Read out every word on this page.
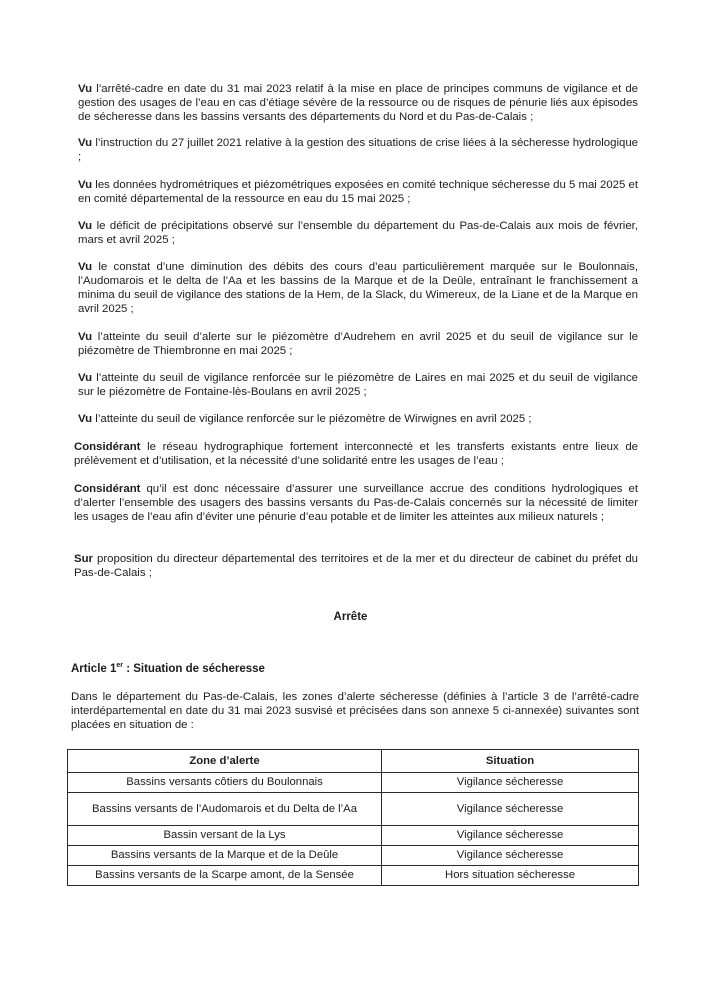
Vu l’arrêté-cadre en date du 31 mai 2023 relatif à la mise en place de principes communs de vigilance et de gestion des usages de l’eau en cas d’étiage sévère de la ressource ou de risques de pénurie liés aux épisodes de sécheresse dans les bassins versants des départements du Nord et du Pas-de-Calais ;

Vu l’instruction du 27 juillet 2021 relative à la gestion des situations de crise liées à la sécheresse hydrologique ;

Vu les données hydrométriques et piézométriques exposées en comité technique sécheresse du 5 mai 2025 et en comité départemental de la ressource en eau du 15 mai 2025 ;

Vu le déficit de précipitations observé sur l’ensemble du département du Pas-de-Calais aux mois de février, mars et avril 2025 ;

Vu le constat d’une diminution des débits des cours d’eau particulièrement marquée sur le Boulonnais, l’Audomarois et le delta de l’Aa et les bassins de la Marque et de la Deûle, entraînant le franchissement a minima du seuil de vigilance des stations de la Hem, de la Slack, du Wimereux, de la Liane et de la Marque en avril 2025 ;

Vu l’atteinte du seuil d’alerte sur le piézomètre d’Audrehem en avril 2025 et du seuil de vigilance sur le piézomètre de Thiembronne en mai 2025 ;

Vu l’atteinte du seuil de vigilance renforcée sur le piézomètre de Laires en mai 2025 et du seuil de vigilance sur le piézomètre de Fontaine-lès-Boulans en avril 2025 ;

Vu l’atteinte du seuil de vigilance renforcée sur le piézomètre de Wirwignes en avril 2025 ;

Considérant le réseau hydrographique fortement interconnecté et les transferts existants entre lieux de prélèvement et d’utilisation, et la nécessité d’une solidarité entre les usages de l’eau ;

Considérant qu’il est donc nécessaire d’assurer une surveillance accrue des conditions hydrologiques et d’alerter l’ensemble des usagers des bassins versants du Pas-de-Calais concernés sur la nécessité de limiter les usages de l’eau afin d’éviter une pénurie d’eau potable et de limiter les atteintes aux milieux naturels ;

Sur proposition du directeur départemental des territoires et de la mer et du directeur de cabinet du préfet du Pas-de-Calais ;

Arrête
Article 1er : Situation de sécheresse

Dans le département du Pas-de-Calais, les zones d’alerte sécheresse (définies à l’article 3 de l’arrêté-cadre interdépartemental en date du 31 mai 2023 susvisé et précisées dans son annexe 5 ci-annexée) suivantes sont placées en situation de :

Zone d’alerte	Situation
Bassins versants côtiers du Boulonnais	Vigilance sécheresse
Bassins versants de l’Audomarois et du Delta de l’Aa	Vigilance sécheresse
Bassin versant de la Lys	Vigilance sécheresse
Bassins versants de la Marque et de la Deûle	Vigilance sécheresse
Bassins versants de la Scarpe amont, de la Sensée	Hors situation sécheresse
